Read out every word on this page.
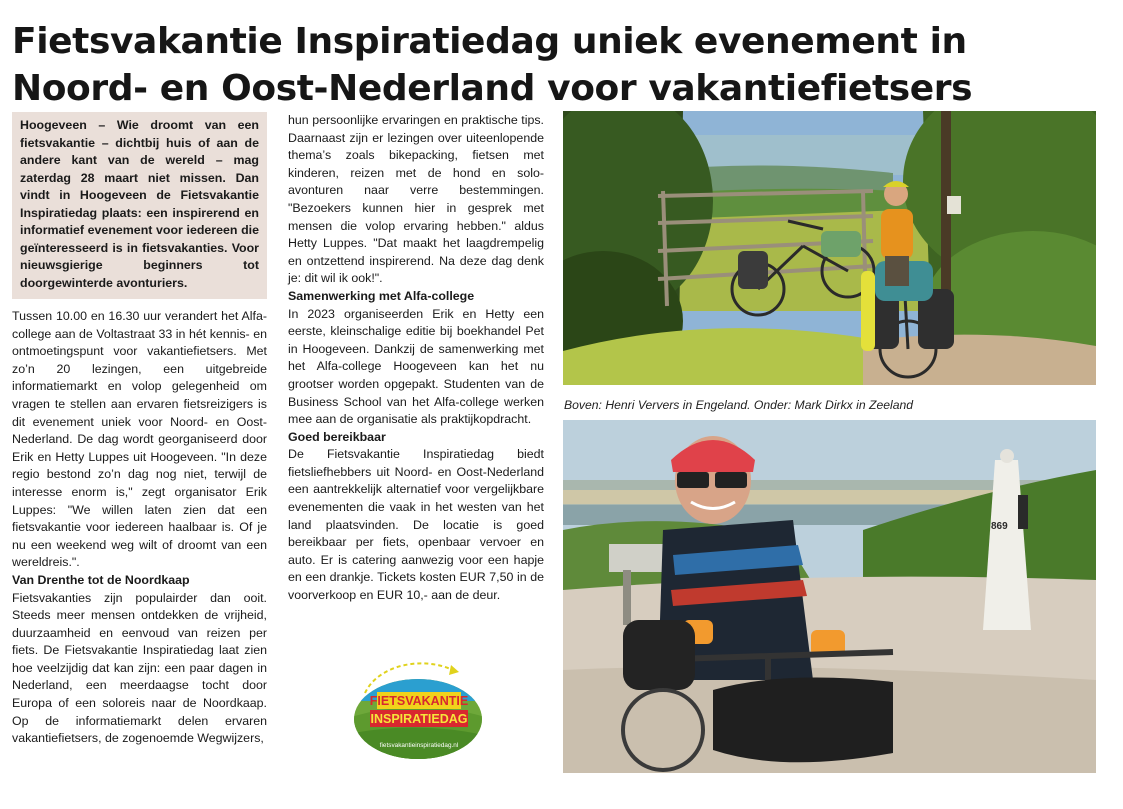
Fietsvakantie Inspiratiedag uniek evenement in Noord- en Oost-Nederland voor vakantiefietsers

Hoogeveen – Wie droomt van een fietsvakantie – dichtbij huis of aan de andere kant van de wereld – mag zaterdag 28 maart niet missen. Dan vindt in Hoogeveen de Fietsvakantie Inspiratiedag plaats: een inspirerend en informatief evenement voor iedereen die geïnteresseerd is in fietsvakanties. Voor nieuwsgierige beginners tot doorgewinterde avonturiers.

Tussen 10.00 en 16.30 uur verandert het Alfa-college aan de Voltastraat 33 in hét kennis- en ontmoetingspunt voor vakantiefietsers. Met zo’n 20 lezingen, een uitgebreide informatiemarkt en volop gelegenheid om vragen te stellen aan ervaren fietsreizigers is dit evenement uniek voor Noord- en Oost-Nederland. De dag wordt georganiseerd door Erik en Hetty Luppes uit Hoogeveen. "In deze regio bestond zo’n dag nog niet, terwijl de interesse enorm is," zegt organisator Erik Luppes: "We willen laten zien dat een fietsvakantie voor iedereen haalbaar is. Of je nu een weekend weg wilt of droomt van een wereldreis.".

Van Drenthe tot de Noordkaap

Fietsvakanties zijn populairder dan ooit. Steeds meer mensen ontdekken de vrijheid, duurzaamheid en eenvoud van reizen per fiets. De Fietsvakantie Inspiratiedag laat zien hoe veelzijdig dat kan zijn: een paar dagen in Nederland, een meerdaagse tocht door Europa of een soloreis naar de Noordkaap. Op de informatiemarkt delen ervaren vakantiefietsers, de zogenoemde Wegwijzers,

hun persoonlijke ervaringen en praktische tips. Daarnaast zijn er lezingen over uiteenlopende thema’s zoals bikepacking, fietsen met kinderen, reizen met de hond en solo-avonturen naar verre bestemmingen. "Bezoekers kunnen hier in gesprek met mensen die volop ervaring hebben." aldus Hetty Luppes. "Dat maakt het laagdrempelig en ontzettend inspirerend. Na deze dag denk je: dit wil ik ook!".

Samenwerking met Alfa-college

In 2023 organiseerden Erik en Hetty een eerste, kleinschalige editie bij boekhandel Pet in Hoogeveen. Dankzij de samenwerking met het Alfa-college Hoogeveen kan het nu grootser worden opgepakt. Studenten van de Business School van het Alfa-college werken mee aan de organisatie als praktijkopdracht.

Goed bereikbaar

De Fietsvakantie Inspiratiedag biedt fietsliefhebbers uit Noord- en Oost-Nederland een aantrekkelijk alternatief voor vergelijkbare evenementen die vaak in het westen van het land plaatsvinden. De locatie is goed bereikbaar per fiets, openbaar vervoer en auto. Er is catering aanwezig voor een hapje en een drankje. Tickets kosten EUR 7,50 in de voorverkoop en EUR 10,- aan de deur.

FIETSVAKANTIE
INSPIRATIEDAG
fietsvakantieinspiratiedag.nl
Boven: Henri Ververs in Engeland. Onder: Mark Dirkx in Zeeland
869
